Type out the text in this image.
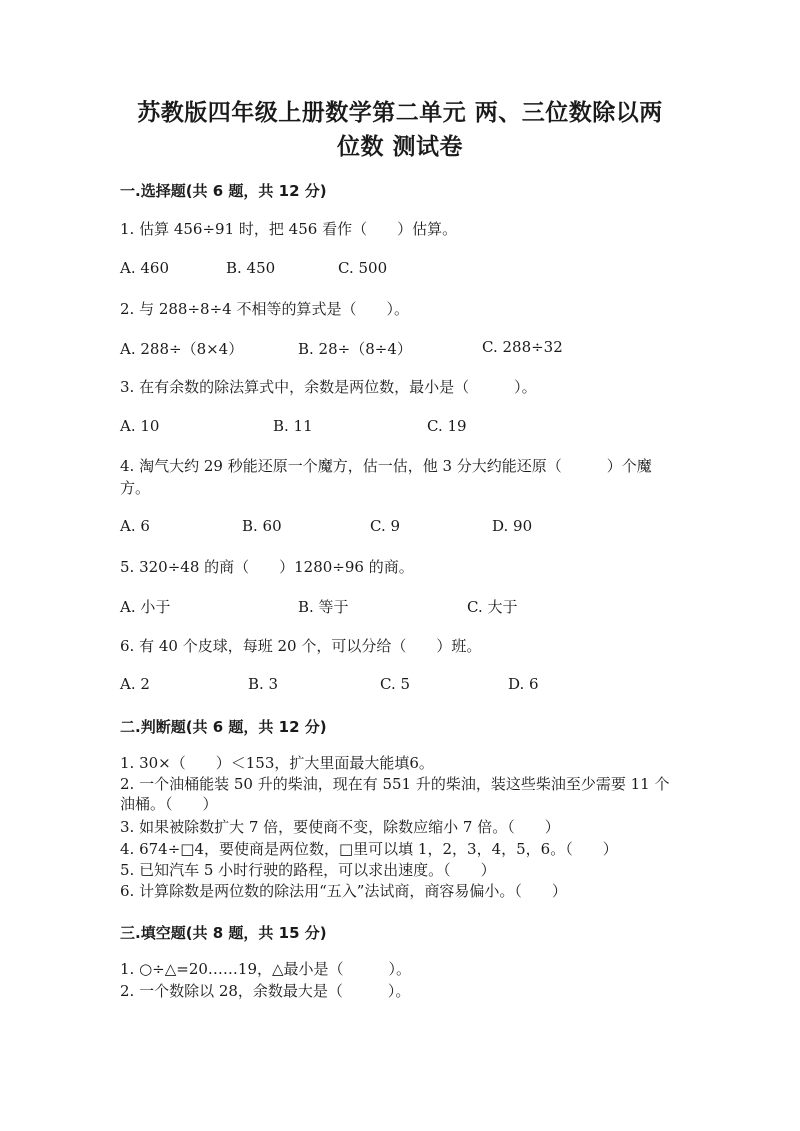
苏教版四年级上册数学第二单元 两、三位数除以两
位数 测试卷
一.选择题(共 6 题，共 12 分)
1. 估算 456÷91 时，把 456 看作（　　）估算。
A. 460	B. 450	C. 500
2. 与 288÷8÷4 不相等的算式是（　　）。
A. 288÷（8×4）	B. 28÷（8÷4）	C. 288÷32
3. 在有余数的除法算式中，余数是两位数，最小是（　　　）。
A. 10	B. 11	C. 19
4. 淘气大约 29 秒能还原一个魔方，估一估，他 3 分大约能还原（　　　）个魔方。
A. 6	B. 60	C. 9	D. 90
5. 320÷48 的商（　　）1280÷96 的商。
A. 小于	B. 等于	C. 大于
6. 有 40 个皮球，每班 20 个，可以分给（　　）班。
A. 2	B. 3	C. 5	D. 6
二.判断题(共 6 题，共 12 分)
1. 30×（　　）＜153，扩大里面最大能填6。
2. 一个油桶能装 50 升的柴油，现在有 551 升的柴油，装这些柴油至少需要 11 个油桶。（　　）
3. 如果被除数扩大 7 倍，要使商不变，除数应缩小 7 倍。（　　）
4. 674÷□4，要使商是两位数，□里可以填 1，2，3，4，5，6。（　　）
5. 已知汽车 5 小时行驶的路程，可以求出速度。（　　）
6. 计算除数是两位数的除法用“五入”法试商，商容易偏小。（　　）
三.填空题(共 8 题，共 15 分)
1. ○÷△=20……19，△最小是（　　　）。
2. 一个数除以 28，余数最大是（　　　）。
